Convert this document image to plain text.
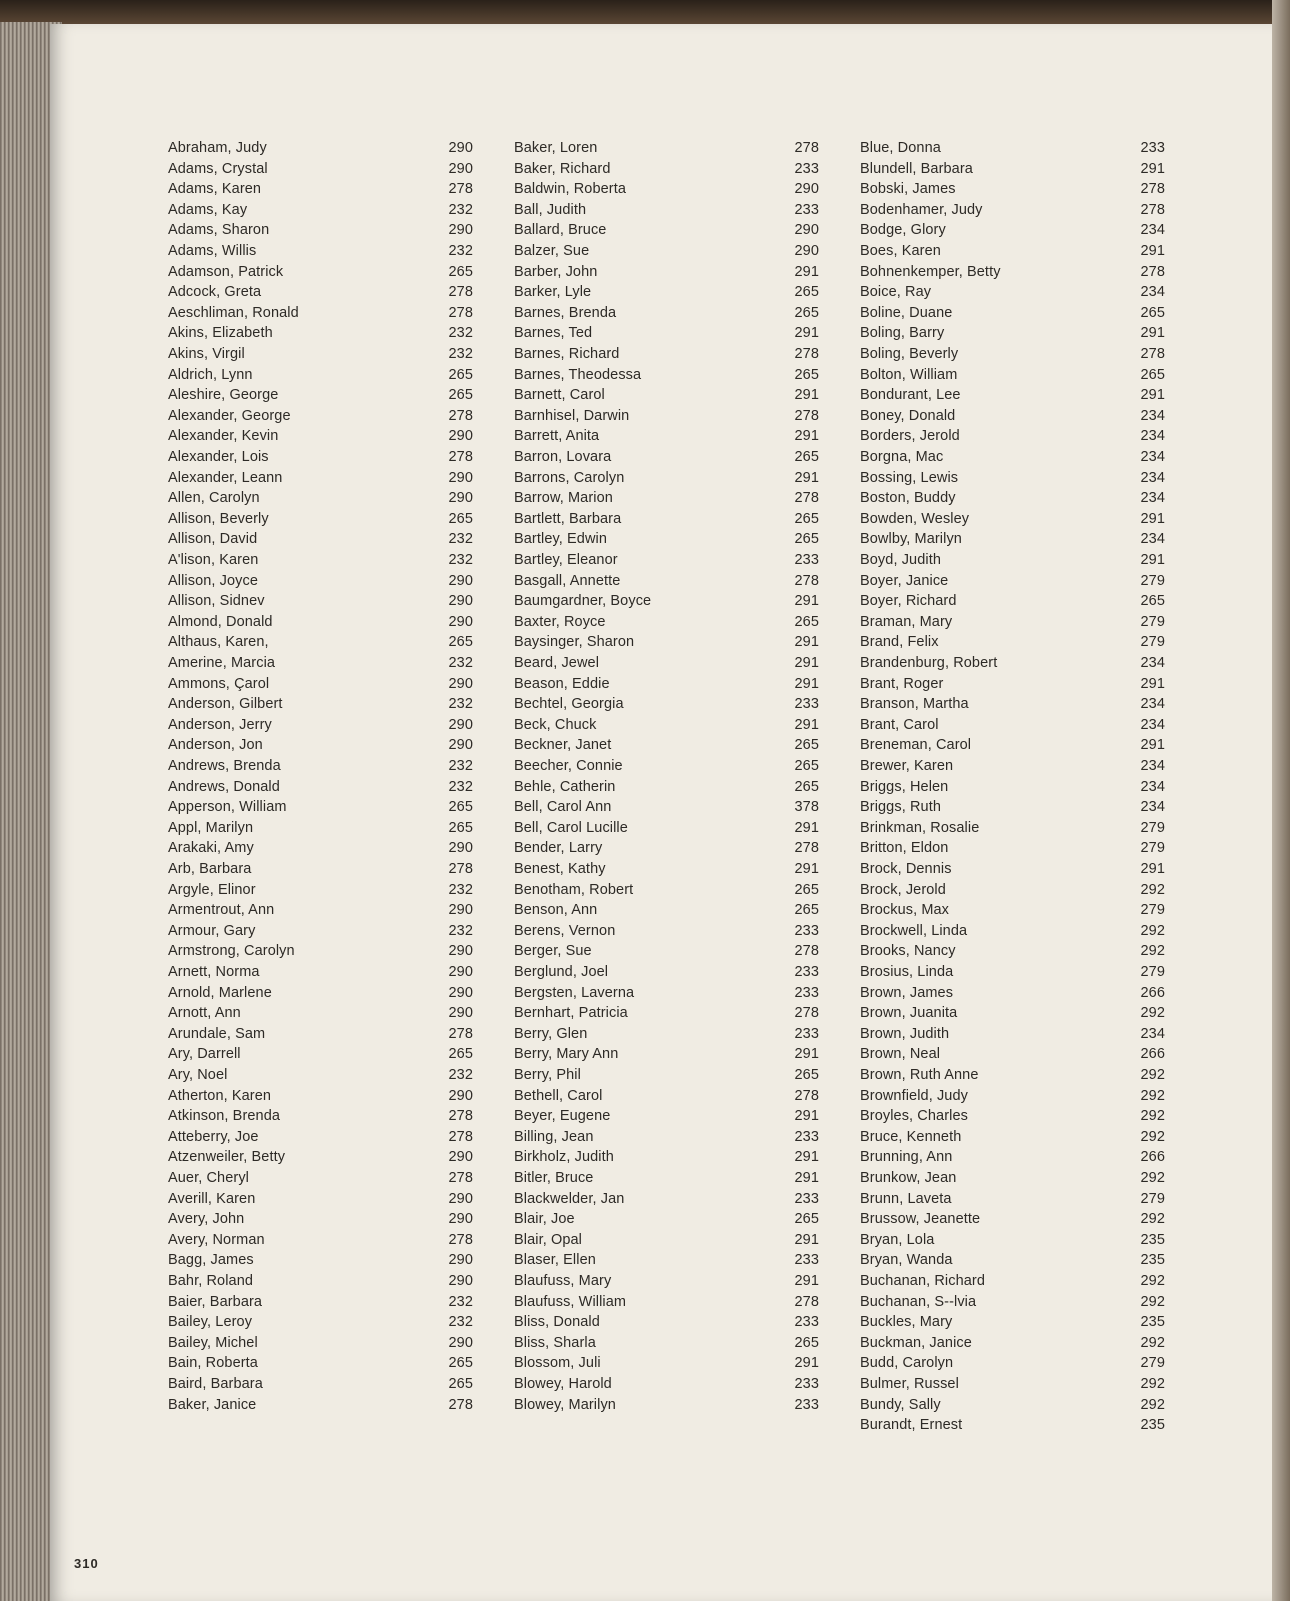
Abraham, Judy	290
Adams, Crystal	290
Adams, Karen	278
Adams, Kay	232
Adams, Sharon	290
Adams, Willis	232
Adamson, Patrick	265
Adcock, Greta	278
Aeschliman, Ronald	278
Akins, Elizabeth	232
Akins, Virgil	232
Aldrich, Lynn	265
Aleshire, George	265
Alexander, George	278
Alexander, Kevin	290
Alexander, Lois	278
Alexander, Leann	290
Allen, Carolyn	290
Allison, Beverly	265
Allison, David	232
A'lison, Karen	232
Allison, Joyce	290
Allison, Sidnev	290
Almond, Donald	290
Althaus, Karen,	265
Amerine, Marcia	232
Ammons, Çarol	290
Anderson, Gilbert	232
Anderson, Jerry	290
Anderson, Jon	290
Andrews, Brenda	232
Andrews, Donald	232
Apperson, William	265
Appl, Marilyn	265
Arakaki, Amy	290
Arb, Barbara	278
Argyle, Elinor	232
Armentrout, Ann	290
Armour, Gary	232
Armstrong, Carolyn	290
Arnett, Norma	290
Arnold, Marlene	290
Arnott, Ann	290
Arundale, Sam	278
Ary, Darrell	265
Ary, Noel	232
Atherton, Karen	290
Atkinson, Brenda	278
Atteberry, Joe	278
Atzenweiler, Betty	290
Auer, Cheryl	278
Averill, Karen	290
Avery, John	290
Avery, Norman	278
Bagg, James	290
Bahr, Roland	290
Baier, Barbara	232
Bailey, Leroy	232
Bailey, Michel	290
Bain, Roberta	265
Baird, Barbara	265
Baker, Janice	278
Baker, Loren	278
Baker, Richard	233
Baldwin, Roberta	290
Ball, Judith	233
Ballard, Bruce	290
Balzer, Sue	290
Barber, John	291
Barker, Lyle	265
Barnes, Brenda	265
Barnes, Ted	291
Barnes, Richard	278
Barnes, Theodessa	265
Barnett, Carol	291
Barnhisel, Darwin	278
Barrett, Anita	291
Barron, Lovara	265
Barrons, Carolyn	291
Barrow, Marion	278
Bartlett, Barbara	265
Bartley, Edwin	265
Bartley, Eleanor	233
Basgall, Annette	278
Baumgardner, Boyce	291
Baxter, Royce	265
Baysinger, Sharon	291
Beard, Jewel	291
Beason, Eddie	291
Bechtel, Georgia	233
Beck, Chuck	291
Beckner, Janet	265
Beecher, Connie	265
Behle, Catherin	265
Bell, Carol Ann	378
Bell, Carol Lucille	291
Bender, Larry	278
Benest, Kathy	291
Benotham, Robert	265
Benson, Ann	265
Berens, Vernon	233
Berger, Sue	278
Berglund, Joel	233
Bergsten, Laverna	233
Bernhart, Patricia	278
Berry, Glen	233
Berry, Mary Ann	291
Berry, Phil	265
Bethell, Carol	278
Beyer, Eugene	291
Billing, Jean	233
Birkholz, Judith	291
Bitler, Bruce	291
Blackwelder, Jan	233
Blair, Joe	265
Blair, Opal	291
Blaser, Ellen	233
Blaufuss, Mary	291
Blaufuss, William	278
Bliss, Donald	233
Bliss, Sharla	265
Blossom, Juli	291
Blowey, Harold	233
Blowey, Marilyn	233
Blue, Donna	233
Blundell, Barbara	291
Bobski, James	278
Bodenhamer, Judy	278
Bodge, Glory	234
Boes, Karen	291
Bohnenkemper, Betty	278
Boice, Ray	234
Boline, Duane	265
Boling, Barry	291
Boling, Beverly	278
Bolton, William	265
Bondurant, Lee	291
Boney, Donald	234
Borders, Jerold	234
Borgna, Mac	234
Bossing, Lewis	234
Boston, Buddy	234
Bowden, Wesley	291
Bowlby, Marilyn	234
Boyd, Judith	291
Boyer, Janice	279
Boyer, Richard	265
Braman, Mary	279
Brand, Felix	279
Brandenburg, Robert	234
Brant, Roger	291
Branson, Martha	234
Brant, Carol	234
Breneman, Carol	291
Brewer, Karen	234
Briggs, Helen	234
Briggs, Ruth	234
Brinkman, Rosalie	279
Britton, Eldon	279
Brock, Dennis	291
Brock, Jerold	292
Brockus, Max	279
Brockwell, Linda	292
Brooks, Nancy	292
Brosius, Linda	279
Brown, James	266
Brown, Juanita	292
Brown, Judith	234
Brown, Neal	266
Brown, Ruth Anne	292
Brownfield, Judy	292
Broyles, Charles	292
Bruce, Kenneth	292
Brunning, Ann	266
Brunkow, Jean	292
Brunn, Laveta	279
Brussow, Jeanette	292
Bryan, Lola	235
Bryan, Wanda	235
Buchanan, Richard	292
Buchanan, S--lvia	292
Buckles, Mary	235
Buckman, Janice	292
Budd, Carolyn	279
Bulmer, Russel	292
Bundy, Sally	292
Burandt, Ernest	235
310
